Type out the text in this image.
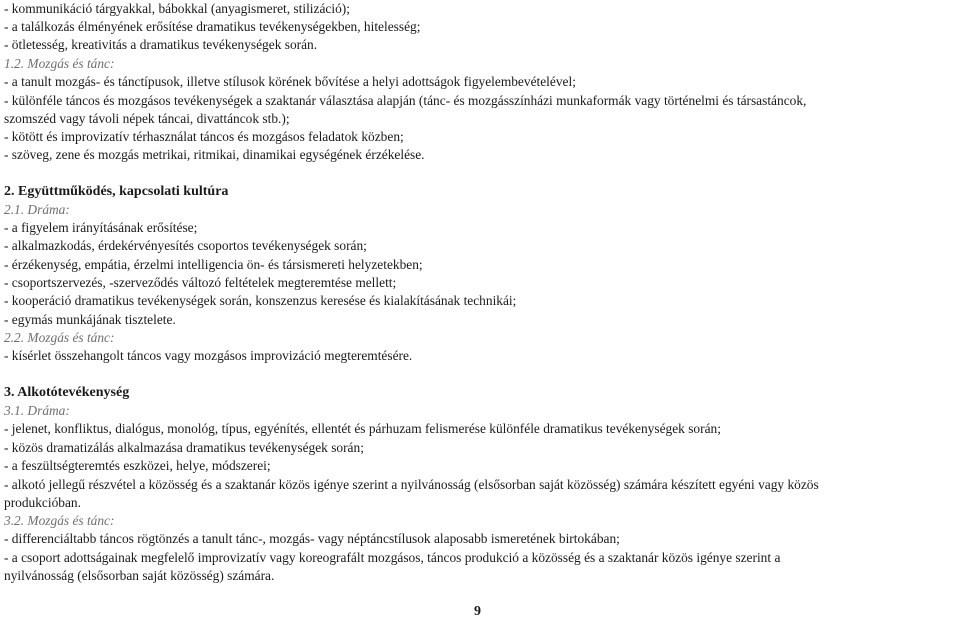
- kommunikáció tárgyakkal, bábokkal (anyagismeret, stilizáció);
- a találkozás élményének erősítése dramatikus tevékenységekben, hitelesség;
- ötletesség, kreativitás a dramatikus tevékenységek során.
1.2. Mozgás és tánc:
- a tanult mozgás- és tánctípusok, illetve stílusok körének bővítése a helyi adottságok figyelembevételével;
- különféle táncos és mozgásos tevékenységek a szaktanár választása alapján (tánc- és mozgásszínházi munkaformák vagy történelmi és társastáncok,
szomszéd vagy távoli népek táncai, divattáncok stb.);
- kötött és improvizatív térhasználat táncos és mozgásos feladatok közben;
- szöveg, zene és mozgás metrikai, ritmikai, dinamikai egységének érzékelése.
2. Együttműködés, kapcsolati kultúra
2.1. Dráma:
- a figyelem irányításának erősítése;
- alkalmazkodás, érdekérvényesítés csoportos tevékenységek során;
- érzékenység, empátia, érzelmi intelligencia ön- és társismereti helyzetekben;
- csoportszervezés, -szerveződés változó feltételek megteremtése mellett;
- kooperáció dramatikus tevékenységek során, konszenzus keresése és kialakításának technikái;
- egymás munkájának tisztelete.
2.2. Mozgás és tánc:
- kísérlet összehangolt táncos vagy mozgásos improvizáció megteremtésére.
3. Alkotótevékenység
3.1. Dráma:
- jelenet, konfliktus, dialógus, monológ, típus, egyénítés, ellentét és párhuzam felismerése különféle dramatikus tevékenységek során;
- közös dramatizálás alkalmazása dramatikus tevékenységek során;
- a feszültségteremtés eszközei, helye, módszerei;
- alkotó jellegű részvétel a közösség és a szaktanár közös igénye szerint a nyilvánosság (elsősorban saját közösség) számára készített egyéni vagy közös
produkcióban.
3.2. Mozgás és tánc:
- differenciáltabb táncos rögtönzés a tanult tánc-, mozgás- vagy néptáncstílusok alaposabb ismeretének birtokában;
- a csoport adottságainak megfelelő improvizatív vagy koreografált mozgásos, táncos produkció a közösség és a szaktanár közös igénye szerint a
nyilvánosság (elsősorban saját közösség) számára.
9
